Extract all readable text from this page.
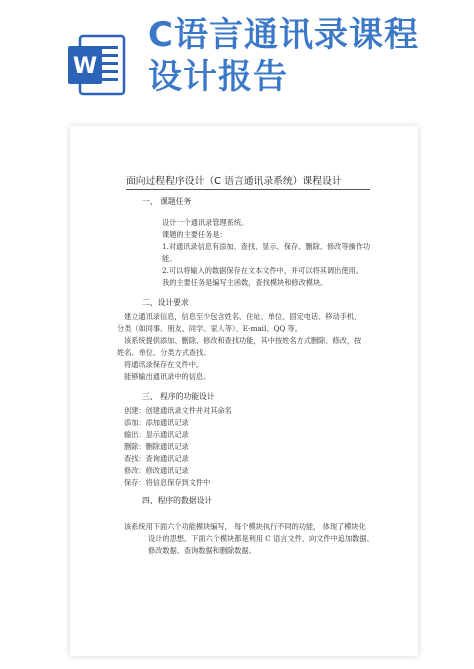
W
C语言通讯录课程
设计报告
面向过程程序设计（C 语言通讯录系统）课程设计
一、 课题任务
设计一个通讯录管理系统。
课题的主要任务是：
1.对通讯录信息有添加、查找、显示、保存、删除、修改等操作功
能。
2.可以将输入的数据保存在文本文件中，并可以将其调出使用。
我的主要任务是编写主函数，查找模块和修改模块。
二、设计要求
建立通讯录信息，信息至少包含姓名、住址、单位、固定电话、移动手机、
分类（如同事、朋友、同学、家人等）、E-mail、QQ 等。
该系统提供添加、删除、修改和查找功能，其中按姓名方式删除、修改，按
姓名、单位、分类方式查找。
将通讯录保存在文件中。
能够输出通讯录中的信息。
三、 程序的功能设计
创建：创建通讯录文件并对其命名
添加：添加通讯记录
输出：显示通讯记录
删除：删除通讯记录
查找：查询通讯记录
修改：修改通讯记录
保存：将信息保存到文件中
四、程序的数据设计
该系统用下面六个功能模块编写， 每个模块执行不同的功能， 体现了模块化
设计的思想。下面六个模块都是利用 C 语言文件，向文件中追加数据、
修改数据、查询数据和删除数据。
